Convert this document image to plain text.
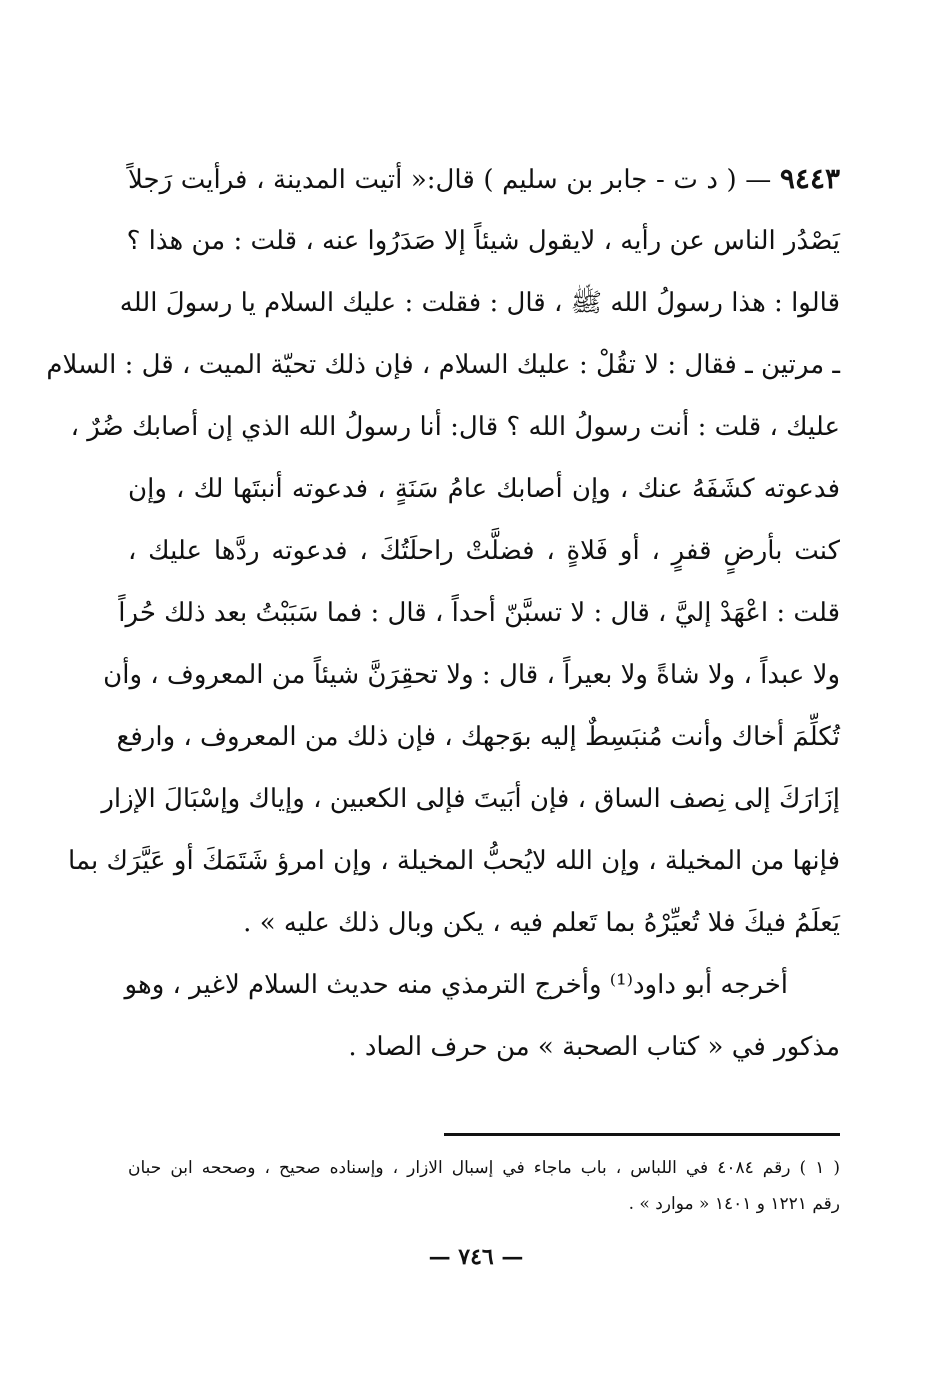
٩٤٤٣ — ( د ت - جابر بن سليم ) قال:« أتيت المدينة ، فرأيت رَجلاً
يَصْدُر الناس عن رأيه ، لايقول شيئاً إلا صَدَرُوا عنه ، قلت : من هذا ؟
قالوا : هذا رسولُ الله ﷺ ، قال : فقلت : عليك السلام يا رسولَ الله
ـ مرتين ـ فقال : لا تقُلْ : عليك السلام ، فإن ذلك تحيّة الميت ، قل : السلام
عليك ، قلت : أنت رسولُ الله ؟ قال: أنا رسولُ الله الذي إن أصابك ضُرٌ ،
فدعوته كشَفَهُ عنك ، وإن أصابك عامُ سَنَةٍ ، فدعوته أنبتَها لك ، وإن
كنت بأرضٍ قفرٍ ، أو فَلاةٍ ، فضلَّتْ راحلَتُكَ ، فدعوته ردَّها عليك ،
قلت : اعْهَدْ إليَّ ، قال : لا تسبَّنّ أحداً ، قال : فما سَبَبْتُ بعد ذلك حُراً
ولا عبداً ، ولا شاةً ولا بعيراً ، قال : ولا تحقِرَنَّ شيئاً من المعروف ، وأن
تُكلِّمَ أخاك وأنت مُنبَسِطٌ إليه بوَجهك ، فإن ذلك من المعروف ، وارفع
إزَارَكَ إلى نِصف الساق ، فإن أبَيتَ فإلى الكعبين ، وإياك وإسْبَالَ الإزار
فإنها من المخيلة ، وإن الله لايُحبُّ المخيلة ، وإن امرؤ شَتَمَكَ أو عَيَّرَك بما
يَعلَمُ فيكَ فلا تُعيِّرْهُ بما تَعلم فيه ، يكن وبال ذلك عليه » .
أخرجه أبو داود⁽¹⁾ وأخرج الترمذي منه حديث السلام لاغير ، وهو
مذكور في « كتاب الصحبة » من حرف الصاد .
( ١ ) رقم ٤٠٨٤ في اللباس ، باب ماجاء في إسبال الازار ، وإسناده صحيح ، وصححه ابن حبان
رقم ١٢٢١ و ١٤٠١ « موارد » .
— ٧٤٦ —
